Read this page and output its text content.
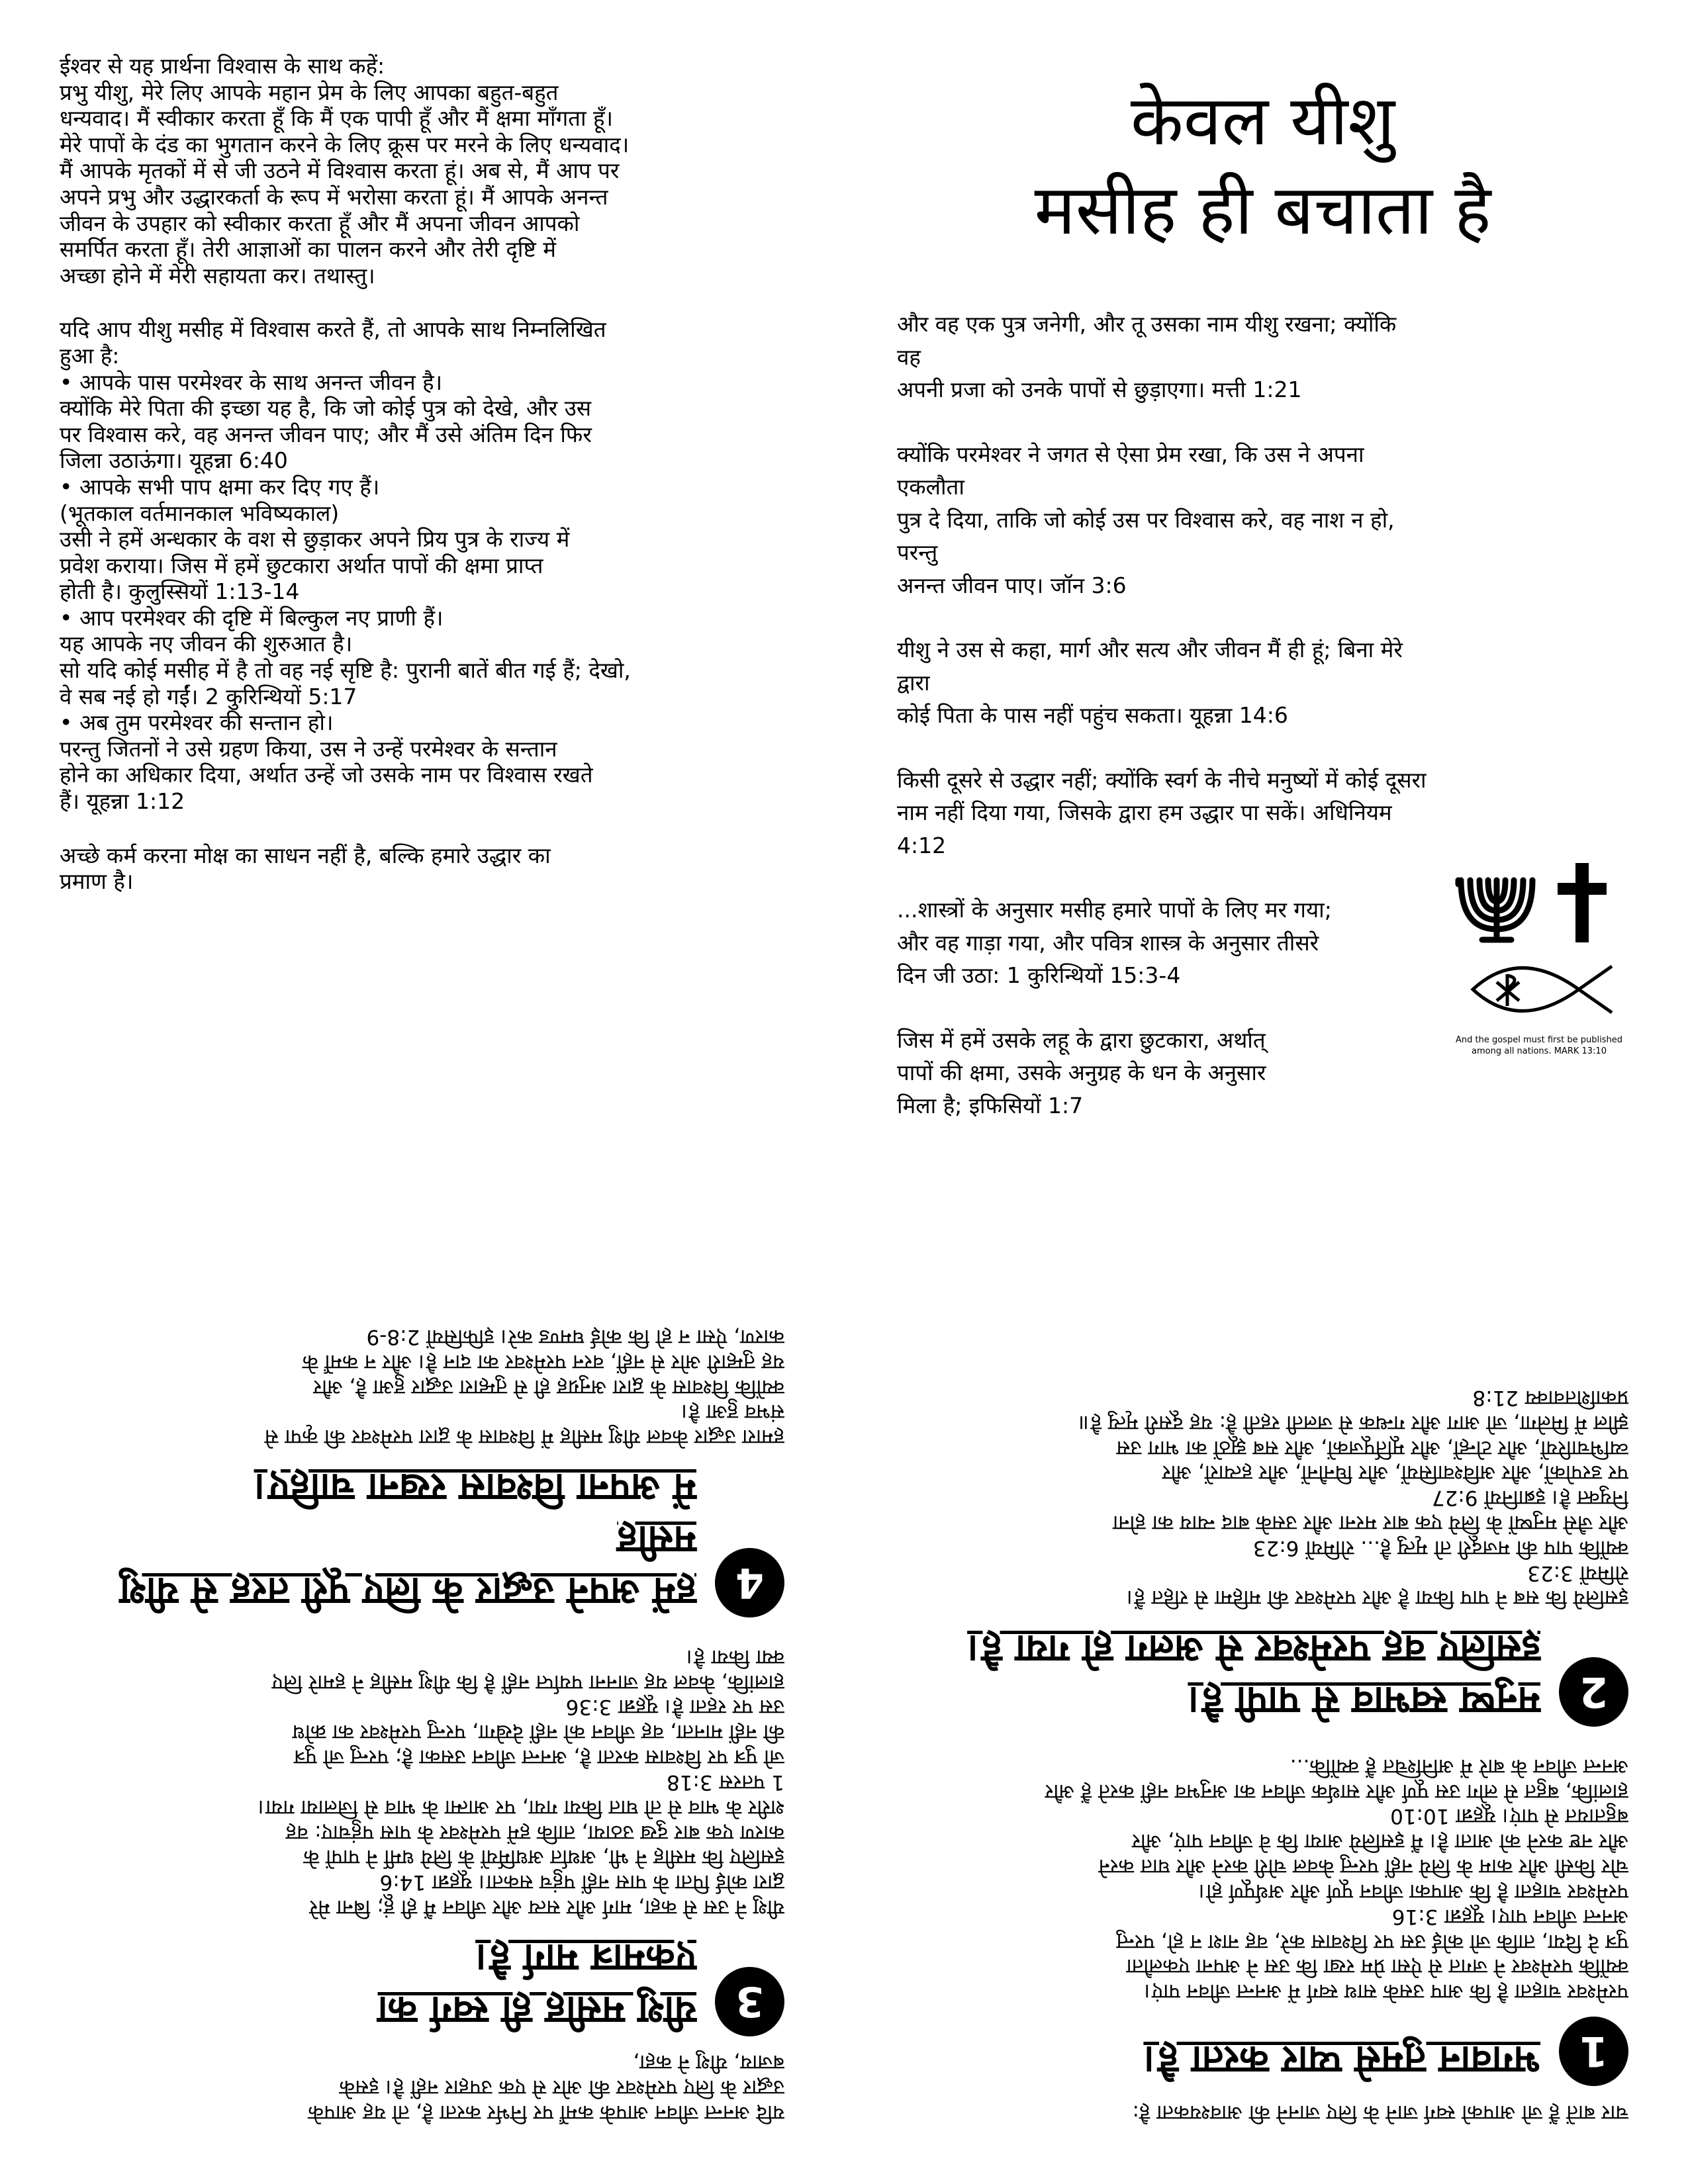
ईश्वर से यह प्रार्थना विश्वास के साथ कहें:
प्रभु यीशु, मेरे लिए आपके महान प्रेम के लिए आपका बहुत-बहुत
धन्यवाद। मैं स्वीकार करता हूँ कि मैं एक पापी हूँ और मैं क्षमा माँगता हूँ।
मेरे पापों के दंड का भुगतान करने के लिए क्रूस पर मरने के लिए धन्यवाद।
मैं आपके मृतकों में से जी उठने में विश्वास करता हूं। अब से, मैं आप पर
अपने प्रभु और उद्धारकर्ता के रूप में भरोसा करता हूं। मैं आपके अनन्त
जीवन के उपहार को स्वीकार करता हूँ और मैं अपना जीवन आपको
समर्पित करता हूँ। तेरी आज्ञाओं का पालन करने और तेरी दृष्टि में
अच्छा होने में मेरी सहायता कर। तथास्तु।

यदि आप यीशु मसीह में विश्वास करते हैं, तो आपके साथ निम्नलिखित
हुआ है:
• आपके पास परमेश्वर के साथ अनन्त जीवन है।
क्योंकि मेरे पिता की इच्छा यह है, कि जो कोई पुत्र को देखे, और उस
पर विश्वास करे, वह अनन्त जीवन पाए; और मैं उसे अंतिम दिन फिर
जिला उठाऊंगा। यूहन्ना 6:40
• आपके सभी पाप क्षमा कर दिए गए हैं।
(भूतकाल वर्तमानकाल भविष्यकाल)
उसी ने हमें अन्धकार के वश से छुड़ाकर अपने प्रिय पुत्र के राज्य में
प्रवेश कराया। जिस में हमें छुटकारा अर्थात पापों की क्षमा प्राप्त
होती है। कुलुस्सियों 1:13-14
• आप परमेश्वर की दृष्टि में बिल्कुल नए प्राणी हैं।
यह आपके नए जीवन की शुरुआत है।
सो यदि कोई मसीह में है तो वह नई सृष्टि है: पुरानी बातें बीत गई हैं; देखो,
वे सब नई हो गईं। 2 कुरिन्थियों 5:17
• अब तुम परमेश्वर की सन्तान हो।
परन्तु जितनों ने उसे ग्रहण किया, उस ने उन्हें परमेश्वर के सन्तान
होने का अधिकार दिया, अर्थात उन्हें जो उसके नाम पर विश्वास रखते
हैं। यूहन्ना 1:12

अच्छे कर्म करना मोक्ष का साधन नहीं है, बल्कि हमारे उद्धार का
प्रमाण है।

केवल यीशु
मसीह ही बचाता है

और वह एक पुत्र जनेगी, और तू उसका नाम यीशु रखना; क्योंकि वह
अपनी प्रजा को उनके पापों से छुड़ाएगा। मत्ती 1:21

क्योंकि परमेश्वर ने जगत से ऐसा प्रेम रखा, कि उस ने अपना एकलौता
पुत्र दे दिया, ताकि जो कोई उस पर विश्वास करे, वह नाश न हो, परन्तु
अनन्त जीवन पाए। जॉन 3:6

यीशु ने उस से कहा, मार्ग और सत्य और जीवन मैं ही हूं; बिना मेरे द्वारा
कोई पिता के पास नहीं पहुंच सकता। यूहन्ना 14:6

किसी दूसरे से उद्धार नहीं; क्योंकि स्वर्ग के नीचे मनुष्यों में कोई दूसरा
नाम नहीं दिया गया, जिसके द्वारा हम उद्धार पा सकें। अधिनियम 4:12

...शास्त्रों के अनुसार मसीह हमारे पापों के लिए मर गया;
और वह गाड़ा गया, और पवित्र शास्त्र के अनुसार तीसरे
दिन जी उठा: 1 कुरिन्थियों 15:3-4

जिस में हमें उसके लहू के द्वारा छुटकारा, अर्थात्
पापों की क्षमा, उसके अनुग्रह के धन के अनुसार
मिला है; इफिसियों 1:7

And the gospel must first be published
among all nations. MARK 13:10

यदि अनन्त जीवन आपके कर्मों पर निर्भर करता है, तो यह आपके
उद्धार के लिए परमेश्वर की ओर से एक उपहार नहीं है। इसके
बजाय, यीशु ने कहा,

3
यीशु मसीह ही स्वर्ग का
एकमात्र मार्ग है।

यीशु ने उस से कहा, मार्ग और सत्य और जीवन मैं ही हूं; बिना मेरे
द्वारा कोई पिता के पास नहीं पहुंच सकता। यूहन्ना 14:6
इसलिए कि मसीह ने भी, अर्थात अधर्मियों के लिये धर्मी ने पापों के
कारण एक बार दुख उठाया, ताकि हमें परमेश्वर के पास पहुंचाए: वह
शरीर के भाव से तो घात किया गया, पर आत्मा के भाव से जिलाया गया।
1 पतरस 3:18
जो पुत्र पर विश्वास करता है, अनन्त जीवन उसका है; परन्तु जो पुत्र
की नहीं मानता, वह जीवन को नहीं देखेगा, परन्तु परमेश्वर का क्रोध
उस पर रहता है। यूहन्ना 3:36
हालांकि, केवल यह जानना पर्याप्त नहीं है कि यीशु मसीह ने हमारे लिए
क्या किया है।

4
हमें अपने उद्धार के लिए पूरी तरह से यीशु मसीह
में अपना विश्वास रखना चाहिए।

हमारा उद्धार केवल यीशु मसीह में विश्वास के द्वारा परमेश्वर की कृपा से
संभव हुआ है।
क्योंकि विश्वास के द्वारा अनुग्रह ही से तुम्हारा उद्धार हुआ है, और
यह तुम्हारी ओर से नहीं, वरन परमेश्वर का दान है। और न कर्मों के
कारण, ऐसा न हो कि कोई घमण्ड करे। इफिसियों 2:8-9

चार बातें हैं जो आपको स्वर्ग जाने के लिए जानने की आवश्यकता है:

1
भगवान तुमसे प्यार करता है।

परमेश्वर चाहता है कि आप उसके साथ स्वर्ग में अनन्त जीवन पाएं।
क्योंकि परमेश्वर ने जगत से ऐसा प्रेम रखा कि उस ने अपना एकलौता
पुत्र दे दिया, ताकि जो कोई उस पर विश्वास करे, वह नाश न हो, परन्तु
अनन्त जीवन पाए। यूहन्ना 3:16
परमेश्वर चाहता है कि आपका जीवन पूर्ण और अर्थपूर्ण हो।
चोर किसी और काम के लिये नहीं परन्तु केवल चोरी करने और घात करने
और नष्ट करने को आता है। मैं इसलिये आया कि वे जीवन पाएं, और
बहुतायत से पाएं। यूहन्ना 10:10
हालांकि, बहुत से लोग उस पूर्ण और सार्थक जीवन का अनुभव नहीं करते हैं और
अनन्त जीवन के बारे में अनिश्चित हैं क्योंकि...

2
मनुष्य स्वभाव से पापी है।
इसलिए वह परमेश्वर से अलग हो गया है।

इसलिये कि सब ने पाप किया है और परमेश्वर की महिमा से रहित हैं।
रोमियों 3:23
क्योंकि पाप की मजदूरी तो मृत्यु है... रोमियों 6:23
और जैसे मनुष्यों के लिये एक बार मरना और उसके बाद न्याय का होना
नियुक्त है। इब्रानियों 9:27
पर डरपोकों, और अविश्वासियों, और घिनौनों, और हत्यारों, और
व्यभिचारियों, और टोन्हों, और मूर्तिपूजकों, और सब झूठों का भाग उस
झील में मिलेगा, जो आग और गन्धक से जलती रहती है: यह दूसरी मृत्यु है॥
प्रकाशितवाक्य 21:8
